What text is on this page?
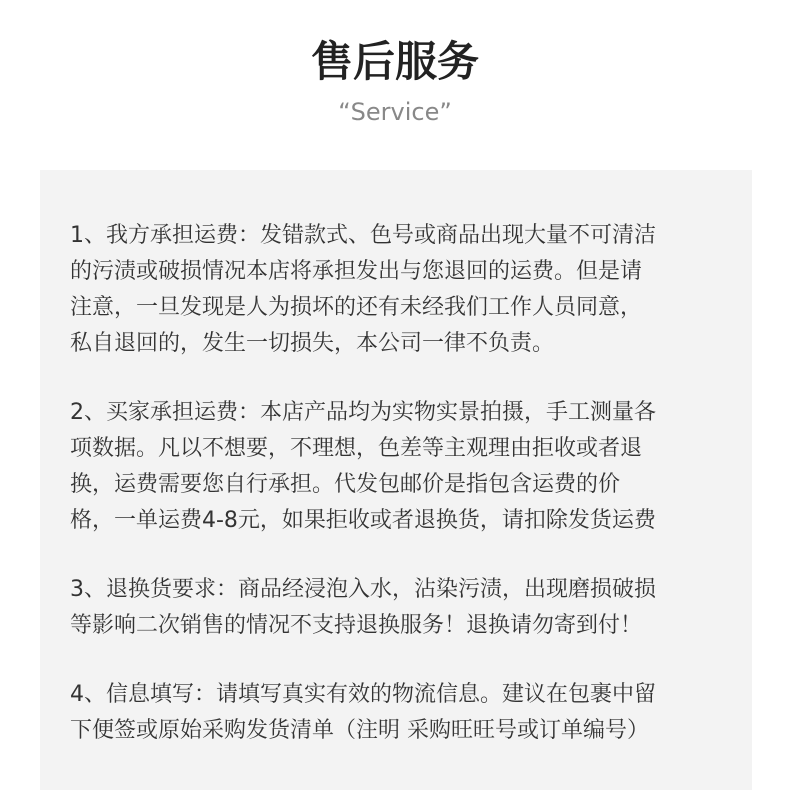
售后服务
“Service”

1、我方承担运费：发错款式、色号或商品出现大量不可清洁

的污渍或破损情况本店将承担发出与您退回的运费。但是请

注意，一旦发现是人为损坏的还有未经我们工作人员同意，

私自退回的，发生一切损失，本公司一律不负责。

2、买家承担运费：本店产品均为实物实景拍摄，手工测量各

项数据。凡以不想要，不理想，色差等主观理由拒收或者退

换，运费需要您自行承担。代发包邮价是指包含运费的价

格，一单运费4-8元，如果拒收或者退换货，请扣除发货运费

3、退换货要求：商品经浸泡入水，沾染污渍，出现磨损破损

等影响二次销售的情况不支持退换服务！退换请勿寄到付！

4、信息填写：请填写真实有效的物流信息。建议在包裹中留

下便签或原始采购发货清单（注明 采购旺旺号或订单编号）
